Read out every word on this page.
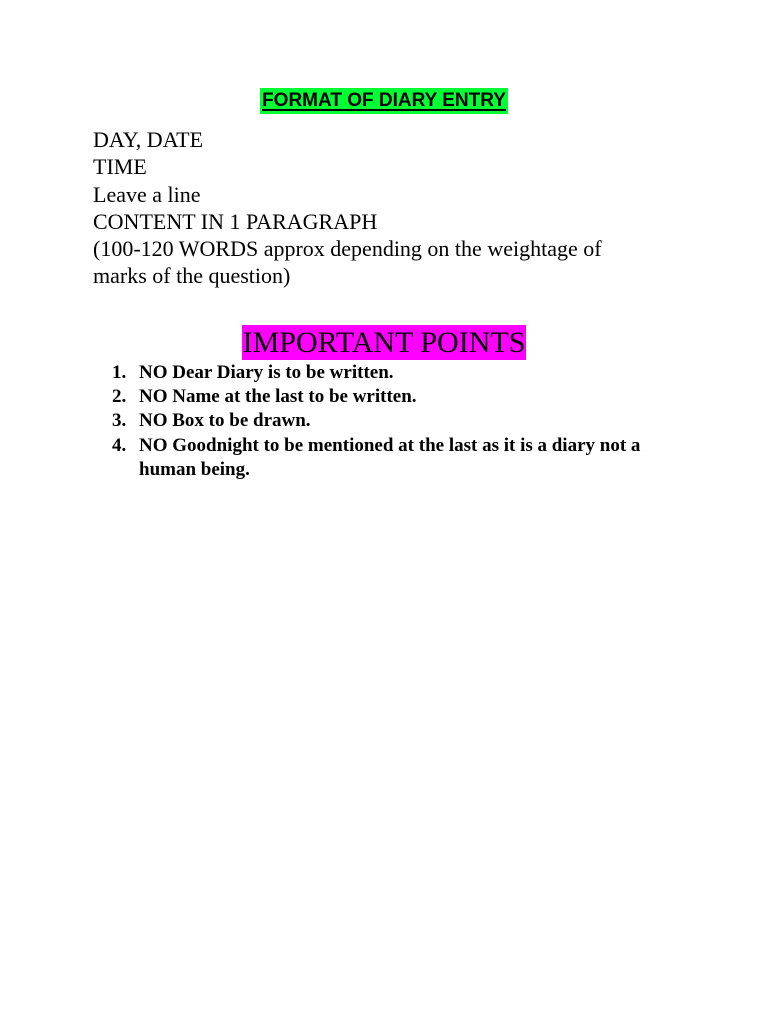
FORMAT OF DIARY ENTRY
DAY, DATE
TIME
Leave a line
CONTENT IN 1 PARAGRAPH
(100-120 WORDS approx depending on the weightage of
marks of the question)
IMPORTANT POINTS
1. NO Dear Diary is to be written.
2. NO Name at the last to be written.
3. NO Box to be drawn.
4. NO Goodnight to be mentioned at the last as it is a diary not a human being.
